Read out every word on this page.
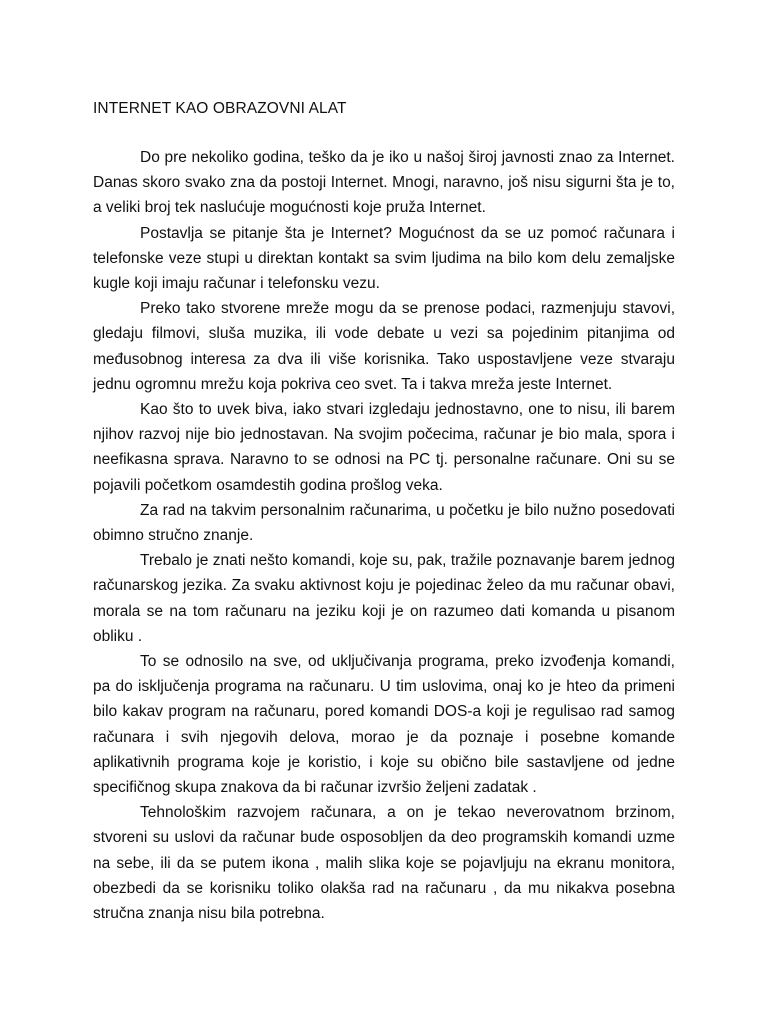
INTERNET KAO OBRAZOVNI ALAT

Do pre nekoliko godina, teško da je iko u našoj široj javnosti znao za Internet. Danas skoro svako zna da postoji Internet. Mnogi, naravno, još nisu sigurni šta je to, a veliki broj tek naslućuje mogućnosti koje pruža Internet.

Postavlja se pitanje šta je Internet? Mogućnost da se uz pomoć računara i telefonske veze stupi u direktan kontakt sa svim ljudima na bilo kom delu zemaljske kugle koji imaju računar i telefonsku vezu.

Preko tako stvorene mreže mogu da se prenose podaci, razmenjuju stavovi, gledaju filmovi, sluša muzika, ili vode debate u vezi sa pojedinim pitanjima od međusobnog interesa za dva ili više korisnika. Tako uspostavljene veze stvaraju jednu ogromnu mrežu koja pokriva ceo svet. Ta i takva mreža jeste Internet.

Kao što to uvek biva, iako stvari izgledaju jednostavno, one to nisu, ili barem njihov razvoj nije bio jednostavan. Na svojim počecima, računar je bio mala, spora i neefikasna sprava. Naravno to se odnosi na PC tj. personalne računare. Oni su se pojavili početkom osamdestih godina prošlog veka.

Za rad na takvim personalnim računarima, u početku je bilo nužno posedovati obimno stručno znanje.

Trebalo je znati nešto komandi, koje su, pak, tražile poznavanje barem jednog računarskog jezika. Za svaku aktivnost koju je pojedinac želeo da mu računar obavi, morala se na tom računaru na jeziku koji je on razumeo dati komanda u pisanom obliku .

To se odnosilo na sve, od uključivanja programa, preko izvođenja komandi, pa do isključenja programa na računaru. U tim uslovima, onaj ko je hteo da primeni bilo kakav program na računaru, pored komandi DOS-a koji je regulisao rad samog računara i svih njegovih delova, morao je da poznaje i posebne komande aplikativnih programa koje je koristio, i koje su obično bile sastavljene od jedne specifičnog skupa znakova da bi računar izvršio željeni zadatak .

Tehnološkim razvojem računara, a on je tekao neverovatnom brzinom, stvoreni su uslovi da računar bude osposobljen da deo programskih komandi uzme na sebe, ili da se putem ikona , malih slika koje se pojavljuju na ekranu monitora, obezbedi da se korisniku toliko olakša rad na računaru , da mu nikakva posebna stručna znanja nisu bila potrebna.
